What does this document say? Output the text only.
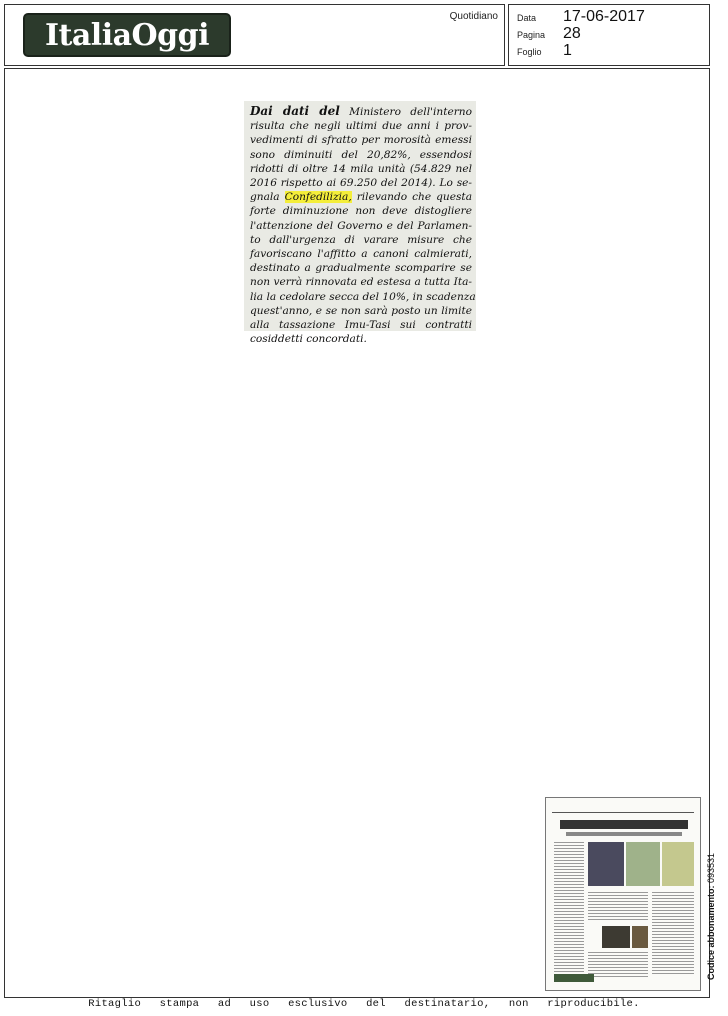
ItaliaOggi
Quotidiano Data	17-06-2017
Pagina	28
Foglio	1
Dai dati del Ministero dell'interno
risulta che negli ultimi due anni i prov-
vedimenti di sfratto per morosità emessi
sono diminuiti del 20,82%, essendosi
ridotti di oltre 14 mila unità (54.829 nel
2016 rispetto ai 69.250 del 2014). Lo se-
gnala Confedilizia, rilevando che questa
forte diminuzione non deve distogliere
l'attenzione del Governo e del Parlamen-
to dall'urgenza di varare misure che
favoriscano l'affitto a canoni calmierati,
destinato a gradualmente scomparire se
non verrà rinnovata ed estesa a tutta Ita-
lia la cedolare secca del 10%, in scadenza
quest'anno, e se non sarà posto un limite
alla tassazione Imu-Tasi sui contratti
cosiddetti concordati.
Codice abbonamento: 093531
Ritaglio stampa ad uso esclusivo del destinatario, non riproducibile.
